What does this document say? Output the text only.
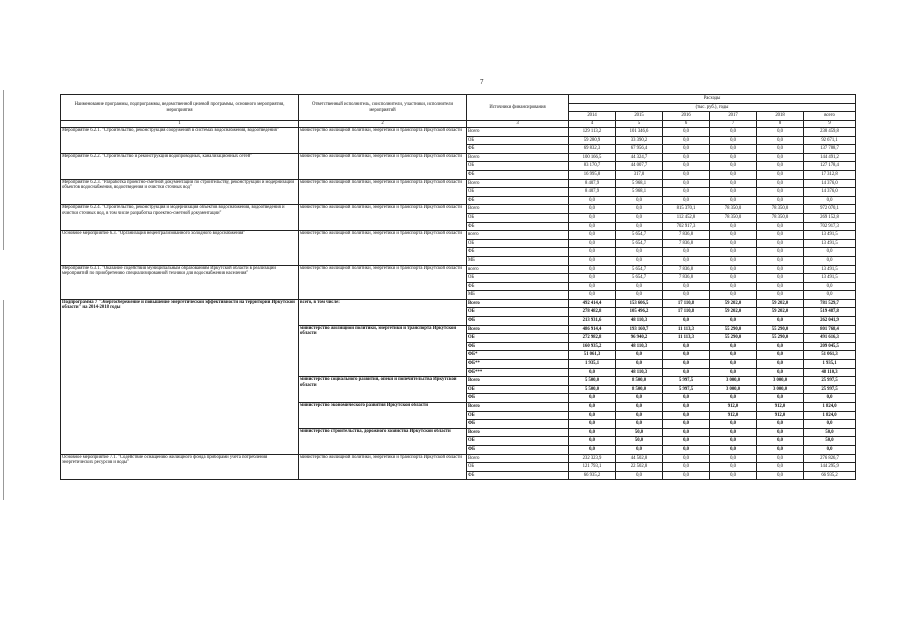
7
Наименование программы, подпрограммы, ведомственной целевой программы, основного мероприятия, мероприятия	Ответственный исполнитель, соисполнители, участники, исполнители мероприятий	Источники финансирования	Расходы					
			(тыс. руб.), годы					
			2014	2015	2016	2017	2018	всего
1	2	3	4	5	6	7	8	9
Мероприятие 6.2.1. "Строительство, реконструкция сооружений в системах водоснабжения, водоотведения"	министерство жилищной политики, энергетики и транспорта Иркутской области	Всего	129 113,2	101 346,6	0,0	0,0	0,0	230 459,8
		ОБ	59 280,9	33 390,2	0,0	0,0	0,0	92 671,1
		ФБ	69 832,3	67 956,4	0,0	0,0	0,0	137 788,7
Мероприятие 6.2.2. "Строительство и реконструкция водопроводных, канализационных сетей"	министерство жилищной политики, энергетики и транспорта Иркутской области	Всего	100 166,5	44 324,7	0,0	0,0	0,0	144 491,2
		ОБ	83 170,7	44 007,7	0,0	0,0	0,0	127 178,4
		ФБ	16 995,8	317,0	0,0	0,0	0,0	17 312,8
Мероприятие 6.2.3. "Разработка проектно-сметной документации по строительству, реконструкции и модернизации объектов водоснабжения, водоотведения и очистки сточных вод"	министерство жилищной политики, энергетики и транспорта Иркутской области	Всего	8 407,9	5 968,1	0,0	0,0	0,0	14 376,0
		ОБ	8 407,9	5 968,1	0,0	0,0	0,0	14 376,0
		ФБ	0,0	0,0	0,0	0,0	0,0	0,0
Мероприятие 6.2.4. "Строительство, реконструкция и модернизация объектов водоснабжения, водоотведения и очистки сточных вод, в том числе разработка проектно-сметной документации"	министерство жилищной политики, энергетики и транспорта Иркутской области	Всего	0,0	0,0	815 370,1	78 350,0	78 350,0	972 070,1
		ОБ	0,0	0,0	112 452,8	78 350,0	78 350,0	269 152,8
		ФБ	0,0	0,0	702 917,3	0,0	0,0	702 917,3
Основное мероприятие 6.3. "Организация нецентрализованного холодного водоснабжения"	министерство жилищной политики, энергетики и транспорта Иркутской области	всего	0,0	5 654,7	7 836,8	0,0	0,0	13 491,5
		ОБ	0,0	5 654,7	7 836,8	0,0	0,0	13 491,5
		ФБ	0,0	0,0	0,0	0,0	0,0	0,0
		МБ	0,0	0,0	0,0	0,0	0,0	0,0
Мероприятие 6.3.1. "Оказание содействия муниципальным образованиям Иркутской области в реализации мероприятий по приобретению специализированной техники для водоснабжения населения"	министерство жилищной политики, энергетики и транспорта Иркутской области	всего	0,0	5 654,7	7 836,8	0,0	0,0	13 491,5
		ОБ	0,0	5 654,7	7 836,8	0,0	0,0	13 491,5
		ФБ	0,0	0,0	0,0	0,0	0,0	0,0
		МБ	0,0	0,0	0,0	0,0	0,0	0,0
Подпрограмма 7 "Энергосбережение и повышение энергетической эффективности на территории Иркутской области" на 2014-2018 годы	всего, в том числе:	Всего	492 414,4	153 606,5	17 110,8	59 202,0	59 202,0	781 529,7
		ОБ	278 482,8	105 496,2	17 110,8	59 202,0	59 202,0	519 487,8
		ФБ	213 931,6	48 110,3	0,0	0,0	0,0	262 041,9
	министерство жилищной политики, энергетики и транспорта Иркутской области	Всего	486 914,4	193 160,7	11 113,3	55 290,0	55 290,0	801 768,4
		ОБ	272 982,8	96 940,2	11 113,3	55 290,0	55 290,0	491 616,3
		ФБ	160 935,2	48 110,3	0,0	0,0	0,0	209 045,5
		ФБ*	51 061,3	0,0	0,0	0,0	0,0	51 061,3
		ФБ**	1 935,1	0,0	0,0	0,0	0,0	1 935,1
		ФБ***	0,0	48 110,3	0,0	0,0	0,0	48 110,3
	министерство социального развития, опеки и попечительства Иркутской области	Всего	5 500,0	8 500,0	5 997,5	3 000,0	3 000,0	25 997,5
		ОБ	5 500,0	8 500,0	5 997,5	3 000,0	3 000,0	25 997,5
		ФБ	0,0	0,0	0,0	0,0	0,0	0,0
	министерство экономического развития Иркутской области	Всего	0,0	0,0	0,0	912,0	912,0	1 824,0
		ОБ	0,0	0,0	0,0	912,0	912,0	1 824,0
		ФБ	0,0	0,0	0,0	0,0	0,0	0,0
	министерство строительства, дорожного хозяйства Иркутской области	Всего	0,0	50,0	0,0	0,0	0,0	50,0
		ОБ	0,0	50,0	0,0	0,0	0,0	50,0
		ФБ	0,0	0,0	0,0	0,0	0,0	0,0
Основное мероприятие 7.1. "Содействие оснащению жилищного фонда приборами учета потребления энергетических ресурсов и воды"	министерство жилищной политики, энергетики и транспорта Иркутской области	Всего	232 323,9	44 502,8	0,0	0,0	0,0	276 826,7
		ОБ	121 793,1	22 502,8	0,0	0,0	0,0	144 295,9
		ФБ	66 935,2	0,0	0,0	0,0	0,0	66 935,2
